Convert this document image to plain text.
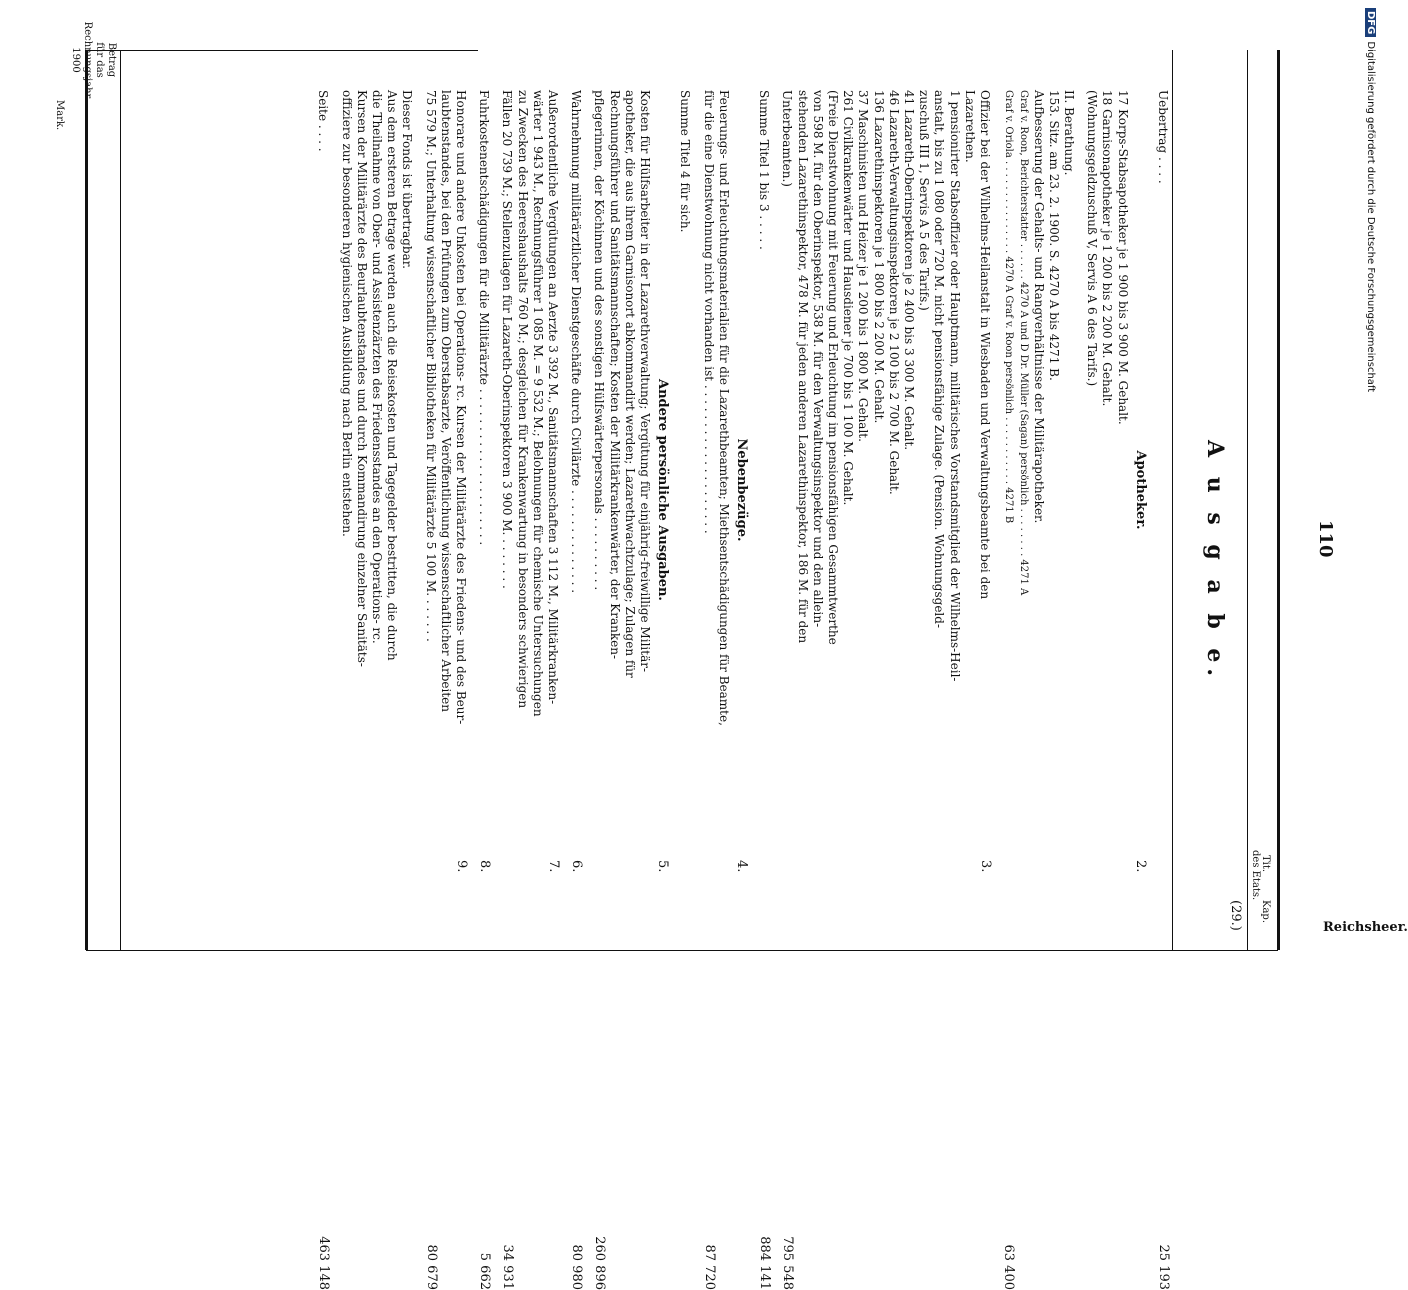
Reichsheer.
110
A u s g a b e.
Kap.
Tit.
des Etats.
Betrag
für das
Rechnungsjahr
1900
Mark.
(29.)
Uebertrag . . . .
25 193
Apotheker.
17 Korps-Stabsapotheker je 1 900 bis 3 900 M. Gehalt.
18 Garnisonapotheker je 1 200 bis 2 200 M. Gehalt.
(Wohnungsgeldzuschuß V, Servis A 6 des Tarifs.)
2.
II. Berathung.
153. Sitz. am 23. 2. 1900. S. 4270 A bis 4271 B.
Aufbesserung der Gehalts- und Rangverhältnisse der Militärapotheker.
Graf v. Roon, Berichterstatter . . . . . . 4270 A und D Dr. Müller (Sagan) persönlich . . . . . . . . 4271 A
Graf v. Oriola . . . . . . . . . . . . . . . 4270 A Graf v. Roon persönlich . . . . . . . . . . . 4271 B
63 400
Offizier bei der Wilhelms-Heilanstalt in Wiesbaden und Verwaltungsbeamte bei den
Lazarethen.
1 pensionirter Stabsoffizier oder Hauptmann, militärisches Vorstandsmitglied der Wilhelms-Heil-
anstalt, bis zu 1 080 oder 720 M. nicht pensionsfähige Zulage. (Pension. Wohnungsgeld-
zuschuß III 1, Servis A 5 des Tarifs.)
41 Lazareth-Oberinspektoren je 2 400 bis 3 300 M. Gehalt.
46 Lazareth-Verwaltungsinspektoren je 2 100 bis 2 700 M. Gehalt.
136 Lazarethinspektoren je 1 800 bis 2 200 M. Gehalt.
37 Maschinisten und Heizer je 1 200 bis 1 800 M. Gehalt.
261 Civilkrankenwärter und Hausdiener je 700 bis 1 100 M. Gehalt.
(Freie Dienstwohnung mit Feuerung und Erleuchtung im pensionsfähigen Gesammtwerthe
von 598 M. für den Oberinspektor, 538 M. für den Verwaltungsinspektor und den allein-
stehenden Lazarethinspektor, 478 M. für jeden anderen Lazarethinspektor, 186 M. für den
Unterbeamten.)
3.
795 548
Summe Titel 1 bis 3 . . . . .
884 141
Nebenbezüge.
Feuerungs- und Erleuchtungsmaterialien für die Lazarethbeamten; Miethsentschädigungen für Beamte,
für die eine Dienstwohnung nicht vorhanden ist . . . . . . . . . . . . . . . . . . . .
4.
87 720
Summe Titel 4 für sich.
Andere persönliche Ausgaben.
Kosten für Hülfsarbeiter in der Lazarethverwaltung; Vergütung für einjährig-freiwillige Militär-
apotheker, die aus ihrem Garnisonort abkommandirt werden; Lazarethwachtzulage; Zulagen für
Rechnungsführer und Sanitätsmannschaften; Kosten der Militärkrankenwärter, der Kranken-
pflegerinnen, der Köchinnen und des sonstigen Hülfswärterpersonals . . . . . . . . . .
5.
260 896
Wahrnehmung militärärztlicher Dienstgeschäfte durch Civilärzte . . . . . . . . . . . . . .
6.
80 980
Außerordentliche Vergütungen an Aerzte 3 392 M., Sanitätsmannschaften 3 112 M., Militärkranken-
wärter 1 943 M., Rechnungsführer 1 085 M. = 9 532 M.; Belohnungen für chemische Untersuchungen
zu Zwecken des Heereshaushalts 760 M.; desgleichen für Krankenwartung in besonders schwierigen
Fällen 20 739 M.; Stellenzulagen für Lazareth-Oberinspektoren 3 900 M. . . . . . . .
7.
34 931
Fuhrkostenentschädigungen für die Militärärzte . . . . . . . . . . . . . . . . . . . . .
8.
5 662
Honorare und andere Unkosten bei Operations- rc. Kursen der Militärärzte des Friedens- und des Beur-
laubtenstandes, bei den Prüfungen zum Oberstabsarzte, Veröffentlichung wissenschaftlicher Arbeiten
75 579 M.; Unterhaltung wissenschaftlicher Bibliotheken für Militärärzte 5 100 M. . . . . . .
9.
80 679
Dieser Fonds ist übertragbar.
Aus dem ersteren Betrage werden auch die Reisekosten und Tagegelder bestritten, die durch
die Theilnahme von Ober- und Assistenzärzten des Friedensstandes an den Operations- rc.
Kursen der Militärärzte des Beurlaubtenstandes und durch Kommandirung einzelner Sanitäts-
offiziere zur besonderen hygienischen Ausbildung nach Berlin entstehen.
Seite . . . .
463 148
DFGDigitalisierung gefördert durch die Deutsche Forschungsgemeinschaft
